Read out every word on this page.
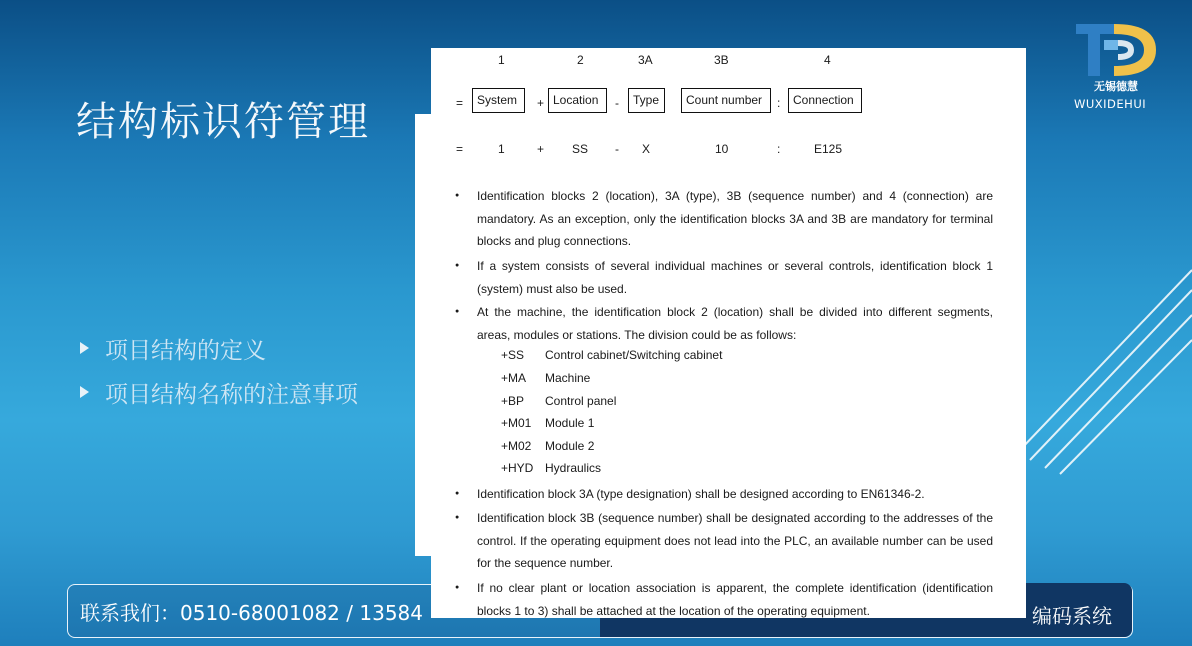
结构标识符管理
项目结构的定义
项目结构名称的注意事项
无锡德慧
WUXIDEHUI
联系我们：0510-68001082 / 13584	编码系统
1	2	3A	3B	4
=	System	+ Location	-	Type	Count number	:	Connection
=	1	+ SS - X	10	:	E125
● Identification blocks 2 (location), 3A (type), 3B (sequence number) and 4 (connection) are mandatory. As an exception, only the identification blocks 3A and 3B are mandatory for terminal blocks and plug connections.
● If a system consists of several individual machines or several controls, identification block 1 (system) must also be used.
● At the machine, the identification block 2 (location) shall be divided into different segments, areas, modules or stations. The division could be as follows:
+SS Control cabinet/Switching cabinet
+MA Machine
+BP Control panel
+M01 Module 1
+M02 Module 2
+HYD Hydraulics
● Identification block 3A (type designation) shall be designed according to EN61346-2.
● Identification block 3B (sequence number) shall be designated according to the addresses of the control. If the operating equipment does not lead into the PLC, an available number can be used for the sequence number.
● If no clear plant or location association is apparent, the complete identification (identification blocks 1 to 3) shall be attached at the location of the operating equipment.
